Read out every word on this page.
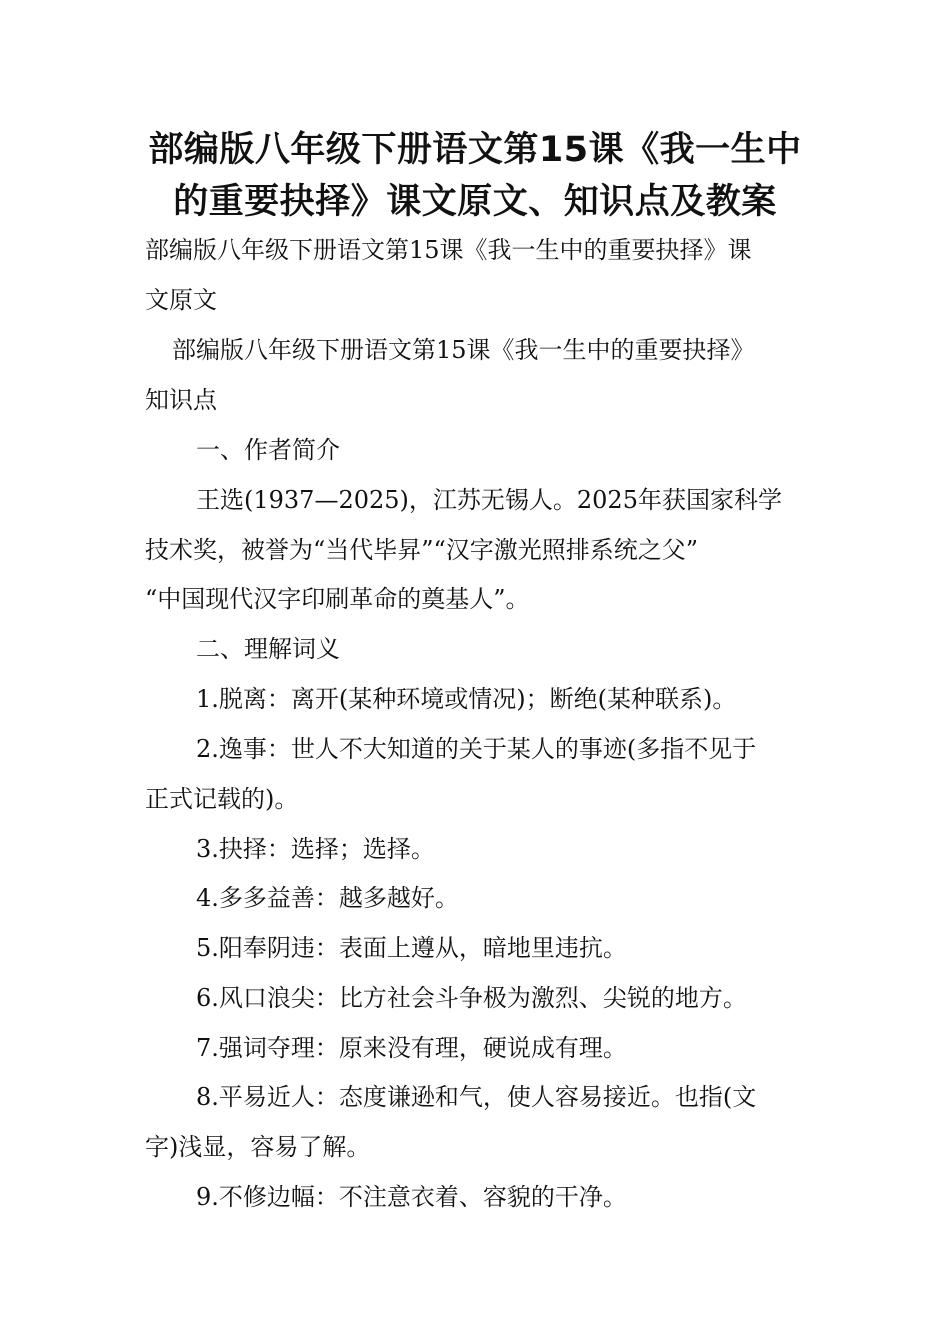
部编版八年级下册语文第15课《我一生中
的重要抉择》课文原文、知识点及教案
部编版八年级下册语文第15课《我一生中的重要抉择》课
文原文
部编版八年级下册语文第15课《我一生中的重要抉择》
知识点
一、作者简介
王选(1937—2025)，江苏无锡人。2025年获国家科学
技术奖，被誉为“当代毕昇”“汉字激光照排系统之父”
“中国现代汉字印刷革命的奠基人”。
二、理解词义
1.脱离：离开(某种环境或情况)；断绝(某种联系)。
2.逸事：世人不大知道的关于某人的事迹(多指不见于
正式记载的)。
3.抉择：选择；选择。
4.多多益善：越多越好。
5.阳奉阴违：表面上遵从，暗地里违抗。
6.风口浪尖：比方社会斗争极为激烈、尖锐的地方。
7.强词夺理：原来没有理，硬说成有理。
8.平易近人：态度谦逊和气，使人容易接近。也指(文
字)浅显，容易了解。
9.不修边幅：不注意衣着、容貌的干净。
